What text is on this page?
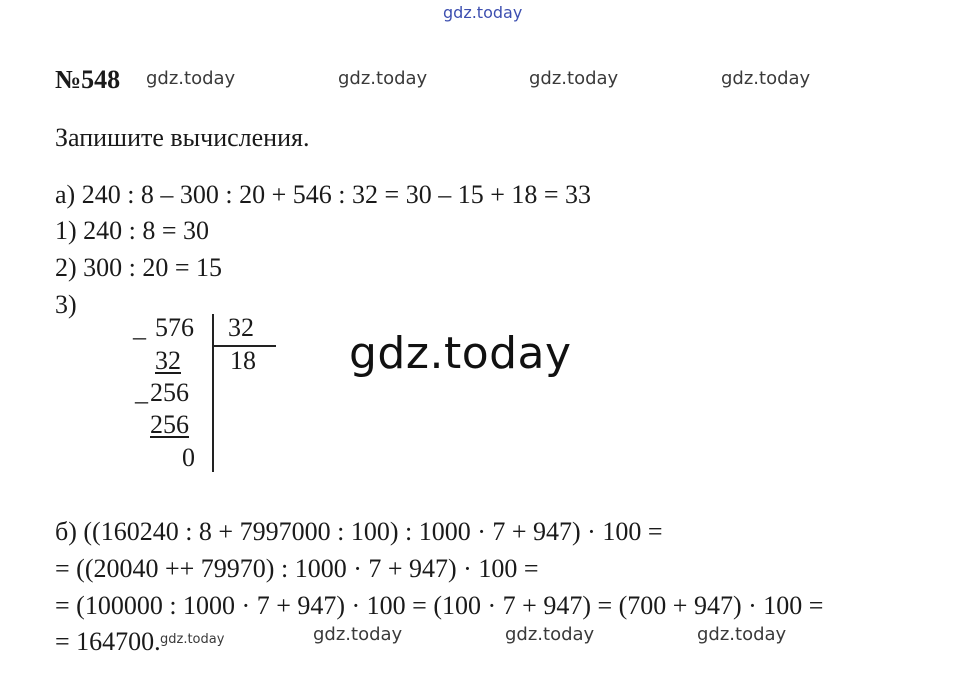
gdz.today
№548 gdz.today	gdz.today	gdz.today	gdz.today
Запишите вычисления.
а) 240 : 8 – 300 : 20 + 546 : 32 = 30 – 15 + 18 = 33
1) 240 : 8 = 30
2) 300 : 20 = 15
3)
_ 576 32
32 18
_ 256
256
0
gdz.today
б) ((160240 : 8 + 7997000 : 100) : 1000 · 7 + 947) · 100 =
= ((20040 ++ 79970) : 1000 · 7 + 947) · 100 =
= (100000 : 1000 · 7 + 947) · 100 = (100 · 7 + 947) = (700 + 947) · 100 =
= 164700. gdz.today	gdz.today	gdz.today	gdz.today
